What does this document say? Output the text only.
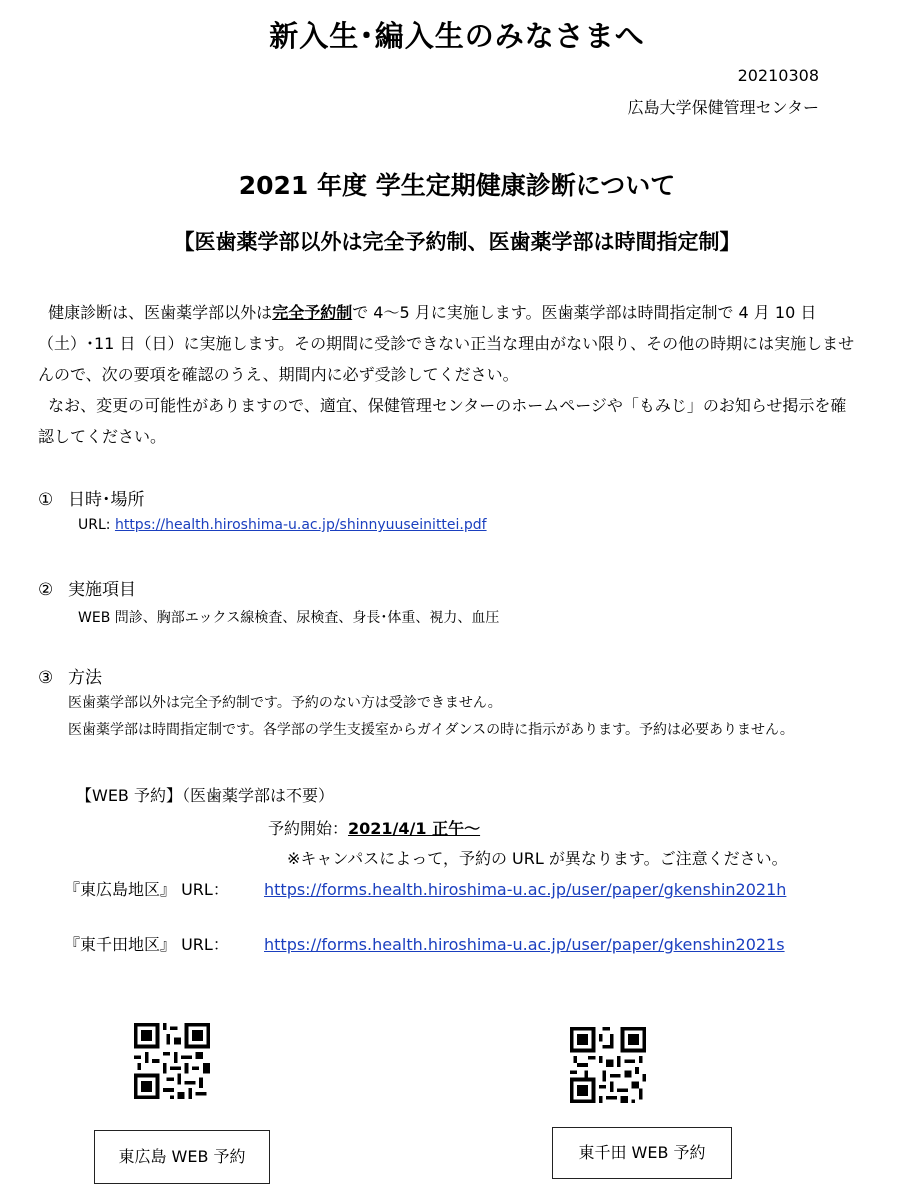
新入生･編入生のみなさまへ
20210308
広島大学保健管理センター
2021 年度 学生定期健康診断について
【医歯薬学部以外は完全予約制、医歯薬学部は時間指定制】

健康診断は、医歯薬学部以外は完全予約制で 4～5 月に実施します。医歯薬学部は時間指定制で 4 月 10 日（土）･11 日（日）に実施します。その期間に受診できない正当な理由がない限り、その他の時期には実施しませんので、次の要項を確認のうえ、期間内に必ず受診してください。

なお、変更の可能性がありますので、適宜、保健管理センターのホームページや「もみじ」のお知らせ掲示を確認してください。

① 日時･場所
URL: https://health.hiroshima-u.ac.jp/shinnyuuseinittei.pdf
② 実施項目
WEB 問診、胸部エックス線検査、尿検査、身長･体重、視力、血圧
③ 方法

医歯薬学部以外は完全予約制です。予約のない方は受診できません。

医歯薬学部は時間指定制です。各学部の学生支援室からガイダンスの時に指示があります。予約は必要ありません。

【WEB 予約】（医歯薬学部は不要）
予約開始：2021/4/1 正午～
※キャンパスによって，予約の URL が異なります。ご注意ください。
『東広島地区』 URL： https://forms.health.hiroshima-u.ac.jp/user/paper/gkenshin2021h
『東千田地区』 URL： https://forms.health.hiroshima-u.ac.jp/user/paper/gkenshin2021s
東広島 WEB 予約	東千田 WEB 予約
